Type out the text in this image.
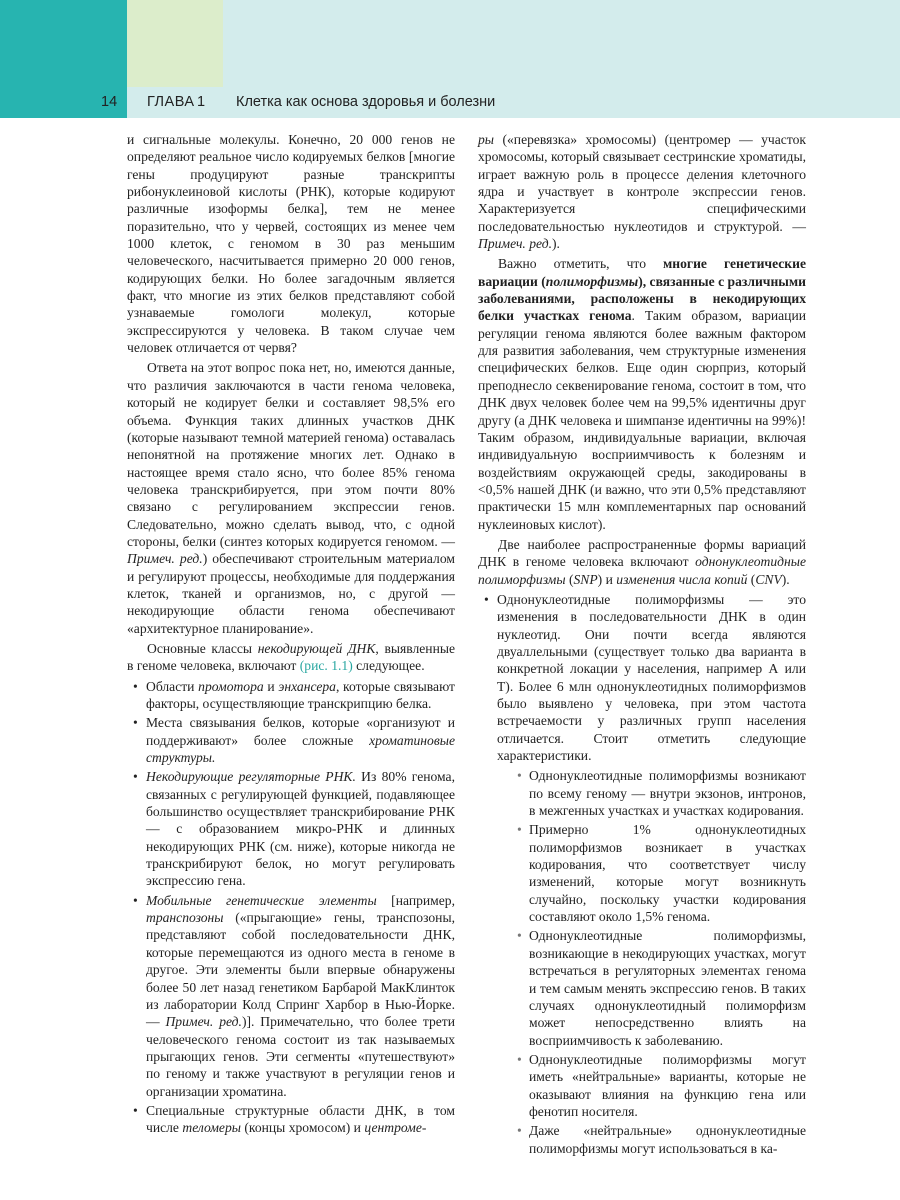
14 ГЛАВА 1 Клетка как основа здоровья и болезни

и сигнальные молекулы. Конечно, 20 000 генов не определяют реальное число кодируемых белков [многие гены продуцируют разные транскрипты рибонуклеиновой кислоты (РНК), которые кодируют различные изоформы белка], тем не менее поразительно, что у червей, состоящих из менее чем 1000 клеток, с геномом в 30 раз меньшим человеческого, насчитывается примерно 20 000 генов, кодирующих белки. Но более загадочным является факт, что многие из этих белков представляют собой узнаваемые гомологи молекул, которые экспрессируются у человека. В таком случае чем человек отличается от червя?

Ответа на этот вопрос пока нет, но, имеются данные, что различия заключаются в части генома человека, который не кодирует белки и составляет 98,5% его объема. Функция таких длинных участков ДНК (которые называют темной материей генома) оставалась непонятной на протяжение многих лет. Однако в настоящее время стало ясно, что более 85% генома человека транскрибируется, при этом почти 80% связано с регулированием экспрессии генов. Следовательно, можно сделать вывод, что, с одной стороны, белки (синтез которых кодируется геномом. — Примеч. ред.) обеспечивают строительным материалом и регулируют процессы, необходимые для поддержания клеток, тканей и организмов, но, с другой — некодирующие области генома обеспечивают «архитектурное планирование».

Основные классы некодирующей ДНК, выявленные в геноме человека, включают (рис. 1.1) следующее.

• Области промотора и энхансера, которые связывают факторы, осуществляющие транскрипцию белка.
• Места связывания белков, которые «организуют и поддерживают» более сложные хроматиновые структуры.
• Некодирующие регуляторные РНК. Из 80% генома, связанных с регулирующей функцией, подавляющее большинство осуществляет транскрибирование РНК — с образованием микро-РНК и длинных некодирующих РНК (см. ниже), которые никогда не транскрибируют белок, но могут регулировать экспрессию гена.
• Мобильные генетические элементы [например, транспозоны («прыгающие» гены, транспозоны, представляют собой последовательности ДНК, которые перемещаются из одного места в геноме в другое. Эти элементы были впервые обнаружены более 50 лет назад генетиком Барбарой МакКлинток из лаборатории Колд Спринг Харбор в Нью-Йорке. — Примеч. ред.)]. Примечательно, что более трети человеческого генома состоит из так называемых прыгающих генов. Эти сегменты «путешествуют» по геному и также участвуют в регуляции генов и организации хроматина.
• Специальные структурные области ДНК, в том числе теломеры (концы хромосом) и центроме-

ры («перевязка» хромосомы) (центромер — участок хромосомы, который связывает сестринские хроматиды, играет важную роль в процессе деления клеточного ядра и участвует в контроле экспрессии генов. Характеризуется специфическими последовательностью нуклеотидов и структурой. — Примеч. ред.).

Важно отметить, что многие генетические вариации (полиморфизмы), связанные с различными заболеваниями, расположены в некодирующих белки участках генома. Таким образом, вариации регуляции генома являются более важным фактором для развития заболевания, чем структурные изменения специфических белков. Еще один сюрприз, который преподнесло секвенирование генома, состоит в том, что ДНК двух человек более чем на 99,5% идентичны друг другу (а ДНК человека и шимпанзе идентичны на 99%)! Таким образом, индивидуальные вариации, включая индивидуальную восприимчивость к болезням и воздействиям окружающей среды, закодированы в <0,5% нашей ДНК (и важно, что эти 0,5% представляют практически 15 млн комплементарных пар оснований нуклеиновых кислот).

Две наиболее распространенные формы вариаций ДНК в геноме человека включают однонуклеотидные полиморфизмы (SNP) и изменения числа копий (CNV).

• Однонуклеотидные полиморфизмы — это изменения в последовательности ДНК в один нуклеотид. Они почти всегда являются двуаллельными (существует только два варианта в конкретной локации у населения, например А или Т). Более 6 млн однонуклеотидных полиморфизмов было выявлено у человека, при этом частота встречаемости у различных групп населения отличается. Стоит отметить следующие характеристики.
• Однонуклеотидные полиморфизмы возникают по всему геному — внутри экзонов, интронов, в межгенных участках и участках кодирования.
• Примерно 1% однонуклеотидных полиморфизмов возникает в участках кодирования, что соответствует числу изменений, которые могут возникнуть случайно, поскольку участки кодирования составляют около 1,5% генома.
• Однонуклеотидные полиморфизмы, возникающие в некодирующих участках, могут встречаться в регуляторных элементах генома и тем самым менять экспрессию генов. В таких случаях однонуклеотидный полиморфизм может непосредственно влиять на восприимчивость к заболеванию.
• Однонуклеотидные полиморфизмы могут иметь «нейтральные» варианты, которые не оказывают влияния на функцию гена или фенотип носителя.
• Даже «нейтральные» однонуклеотидные полиморфизмы могут использоваться в ка-
